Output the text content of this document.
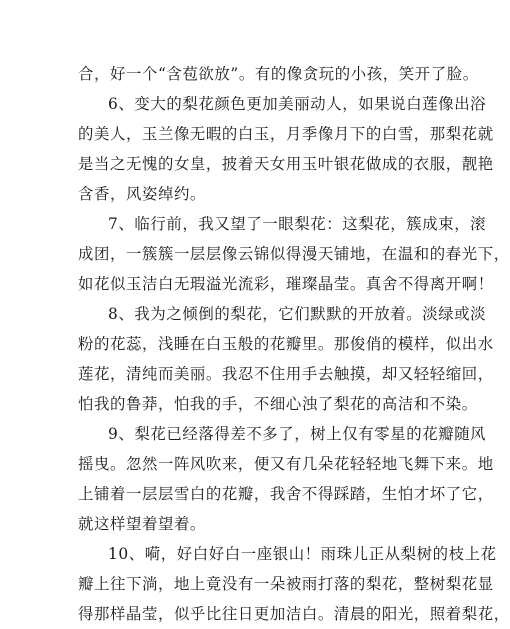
合，好一个“含苞欲放”。有的像贪玩的小孩，笑开了脸。
6、变大的梨花颜色更加美丽动人，如果说白莲像出浴
的美人，玉兰像无暇的白玉，月季像月下的白雪，那梨花就
是当之无愧的女皇，披着天女用玉叶银花做成的衣服，靓艳
含香，风姿绰约。
7、临行前，我又望了一眼梨花：这梨花，簇成束，滚
成团，一簇簇一层层像云锦似得漫天铺地，在温和的春光下，
如花似玉洁白无瑕溢光流彩，璀璨晶莹。真舍不得离开啊！
8、我为之倾倒的梨花，它们默默的开放着。淡绿或淡
粉的花蕊，浅睡在白玉般的花瓣里。那俊俏的模样，似出水
莲花，清纯而美丽。我忍不住用手去触摸，却又轻轻缩回，
怕我的鲁莽，怕我的手，不细心浊了梨花的高洁和不染。
9、梨花已经落得差不多了，树上仅有零星的花瓣随风
摇曳。忽然一阵风吹来，便又有几朵花轻轻地飞舞下来。地
上铺着一层层雪白的花瓣，我舍不得踩踏，生怕才坏了它，
就这样望着望着。
10、嗬，好白好白一座银山！雨珠儿正从梨树的枝上花
瓣上往下淌，地上竟没有一朵被雨打落的梨花，整树梨花显
得那样晶莹，似乎比往日更加洁白。清晨的阳光，照着梨花，
